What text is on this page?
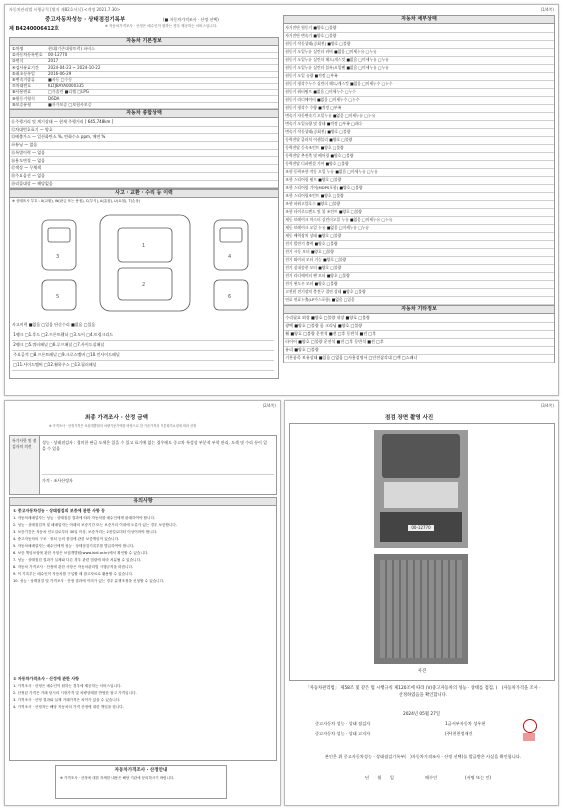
자동차관리법 시행규칙 [별지 제82호서식] <개정 2021.7.30>	(1/4쪽)
중고자동차성능 · 상태점검기록부	(■ 자동차가격조사 · 산정 선택)
※ 자동차가격조사 · 산정은 매수인이 원하는 경우 제공하는 서비스입니다.
제 B4240006412호
자동차 기본정보
①차명	현대(기존대형트럭) 파비스
②자동차등록번호 00-12770
③연식	2017
④검사유효기간 2024-04-23 ~ 2024-10-22
⑤최초등록일	2016-06-29
⑥변속기종류	■자동 □수동
⑦차대번호	KLTJBAYA0000335
⑧사용연료	□가솔린 ■디젤 □LPG
⑨원동기형식	D6DA
⑩보증유형	■자가보증 □보험사보증
자동차 종합상태
⑪주행거리 및 계기상태 — 현재 주행거리 [ 645,748km ]
⑫차대번호표기 — 양호
⑬배출가스 — 일산화탄소 %, 탄화수소 ppm, 매연 %
⑭튜닝 — 없음
⑮특별이력 — 없음
⑯용도변경 — 없음
⑰색상 — 무채색
⑱주요옵션 — 없음
⑲리콜대상 — 해당없음
사고 · 교환 · 수리 등 이력
※ 상태표시 부호 : X(교환), W(판금 또는 용접), C(부식), A(흠집), U(요철), T(손상)
1
2
3	4
5	6
사고이력 ■없음 □있음 단순수리 ■없음 □있음
1랭크 □1.후드 □2.프론트휀더 □3.도어 □4.트렁크리드
2랭크 □5.쿼터패널 □6.루프패널 □7.사이드실패널
주요골격 □8.프론트패널 □9.크로스멤버 □10.인사이드패널
□11.사이드멤버 □12.휠하우스 □13.필러패널
자동차 세부상태
자기진단 원동기 ■양호 □불량
자기진단 변속기 ■양호 □불량
원동기 작동상태(공회전) ■양호 □불량
원동기 오일누유 실린더 커버 ■없음 □미세누유 □누유
원동기 오일누유 실린더 헤드/개스킷 ■없음 □미세누유 □누유
원동기 오일누유 실린더 블록/오일팬 ■없음 □미세누유 □누유
원동기 오일 유량 ■적정 □부족
원동기 냉각수누수 실린더 헤드/개스킷 ■없음 □미세누수 □누수
원동기 워터펌프 ■없음 □미세누수 □누수
원동기 라디에이터 ■없음 □미세누수 □누수
원동기 냉각수 수량 ■적정 □부족
변속기 자동변속기 오일누유 ■없음 □미세누유 □누유
변속기 오일유량 및 상태 ■적정 □부족 □과다
변속기 작동상태(공회전) ■양호 □불량
동력전달 클러치 어셈블리 ■양호 □불량
동력전달 등속조인트 ■양호 □불량
동력전달 추진축 및 베어링 ■양호 □불량
동력전달 디퍼렌셜 기어 ■양호 □불량
조향 동력조향 작동 오일 누유 ■없음 □미세누유 □누유
조향 스티어링 펌프 ■양호 □불량
조향 스티어링 기어(MDPS포함) ■양호 □불량
조향 스티어링조인트 ■양호 □불량
조향 파워고압호스 ■양호 □불량
조향 타이로드엔드 및 볼 조인트 ■양호 □불량
제동 브레이크 마스터 실린더오일 누유 ■없음 □미세누유 □누유
제동 브레이크 오일 누유 ■없음 □미세누유 □누유
제동 배력장치 상태 ■양호 □불량
전기 발전기 출력 ■양호 □불량
전기 시동 모터 ■양호 □불량
전기 와이퍼 모터 기능 ■양호 □불량
전기 실내송풍 모터 ■양호 □불량
전기 라디에이터 팬 모터 ■양호 □불량
전기 윈도우 모터 ■양호 □불량
고전원 전기장치 충전구 절연 상태 ■양호 □불량
연료 연료누출(LP가스포함) ■없음 □있음
자동차 기타정보
수리필요 외장 ■양호 □불량 내장 ■양호 □불량
광택 ■양호 □불량 룸 크리닝 ■양호 □불량
휠 ■양호 □불량 운전석 ■전 □후 동반석 ■전 □후
타이어 ■양호 □불량 운전석 ■전 □후 동반석 ■전 □후
유리 ■양호 □불량
기본품목 보유상태 ■있음 □없음 □사용설명서 □안전삼각대 □잭 □스패너
(2/4쪽)
최종 가격조사 · 산정 금액
※ 가격조사 · 산정가격은 보험개발원의 차량기준가액을 바탕으로 한 기준가격과 기본평가요령에 따라 산정
특기사항 및 점검자의 의견
성능 · 상태점검자 : 경미한 판금 도색은 있을 수 있고 표기에 없는 경우에도 중고차 특성상 부분적 부착 관리, 도색 및 수리 등이 있을 수 있음
가격 · 조사산정자
유의사항
① 중고자동차성능 · 상태점검의 보증에 관한 사항 등
1. 자동차매매업자는 성능 · 상태점검 결과에 따라 자동차를 매수인에게 판매하여야 합니다.
2. 성능 · 상태점검자 및 매매업자는 아래의 보증기간 또는 보증거리 이내에 오류가 있는 경우 보증합니다.
3. 보증기간은 자동차 인도일로부터 30일 이상, 보증거리는 2천킬로미터 이상이어야 합니다.
4. 중고자동차의 구조 · 장치 등의 품질에 관한 보증책임이 있습니다.
5. 자동차매매업자는 매수인에게 성능 · 상태점검기록부를 발급하여야 합니다.
6. 보증 책임보험에 관한 사항은 보험개발원(www.kidi.or.kr)에서 확인할 수 있습니다.
7. 성능 · 상태점검 결과가 실제와 다른 경우 관련 법령에 따라 처분될 수 있습니다.
8. 자동차 가격조사 · 산정에 관한 사항은 자동차관리법 시행규칙을 따릅니다.
9. 이 기록부는 매수인이 자동차를 구입할 때 참고자료로 활용할 수 있습니다.
10. 성능 · 상태점검 및 가격조사 · 산정 결과에 이의가 있는 경우 분쟁조정을 신청할 수 있습니다.
② 자동차가격조사 · 산정에 관한 사항
1. 가격조사 · 산정은 매수인이 원하는 경우에 제공하는 서비스입니다.
2. 산정된 가격은 거래 당시의 시장가격 및 차량상태를 반영한 참고 가격입니다.
3. 가격조사 · 산정 결과와 실제 거래가격은 차이가 있을 수 있습니다.
4. 가격조사 · 산정자는 해당 자동차의 가격 산정에 대한 책임을 집니다.
자동차가격조사 · 산정안내
※ 가격조사 · 산정에 대한 자세한 내용은 해당 기관에 문의하시기 바랍니다.
(3/4쪽)
점검 장면 촬영 사진
00-12770
사진
「자동차관리법」 제58조 및 같은 법 시행규칙 제120조에 따라 (Ⅴ)중고자동차의 성능 · 상태를 점검, (　)자동차가격을 조사 · 산정하였음을 확인합니다.
2024년 05월 27일
중고자동차 성능 · 상태 점검자	1급서부자동차 성우현
중고자동차 성능 · 상태 고지자	(주)천천정재건
본인은 위 중고자동차성능 · 상태점검기록부(　)자동차가격조사 · 산정 선택)를 발급받은 사실을 확인합니다.
년　　월　　일	매수인	(서명 또는 인)
